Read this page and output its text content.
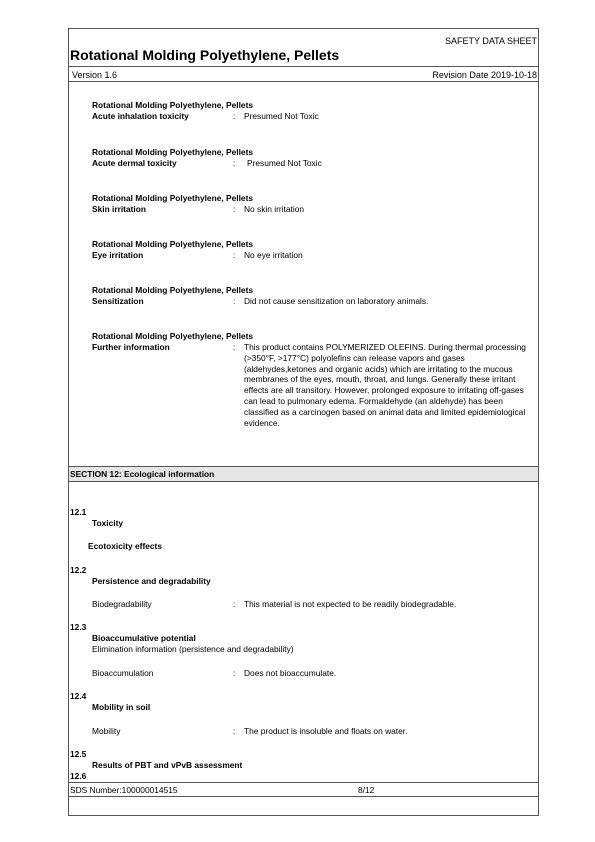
SAFETY DATA SHEET
Rotational Molding Polyethylene, Pellets
Version 1.6	Revision Date 2019-10-18
Rotational Molding Polyethylene, Pellets
Acute inhalation toxicity	: Presumed Not Toxic
Rotational Molding Polyethylene, Pellets
Acute dermal toxicity	: Presumed Not Toxic
Rotational Molding Polyethylene, Pellets
Skin irritation	: No skin irritation
Rotational Molding Polyethylene, Pellets
Eye irritation	: No eye irritation
Rotational Molding Polyethylene, Pellets
Sensitization	: Did not cause sensitization on laboratory animals.
Rotational Molding Polyethylene, Pellets
Further information	: This product contains POLYMERIZED OLEFINS. During thermal processing (>350°F, >177°C) polyolefins can release vapors and gases (aldehydes,ketones and organic acids) which are irritating to the mucous membranes of the eyes, mouth, throat, and lungs. Generally these irritant effects are all transitory. However, prolonged exposure to irritating off-gases can lead to pulmonary edema. Formaldehyde (an aldehyde) has been classified as a carcinogen based on animal data and limited epidemiological evidence.
SECTION 12: Ecological information
12.1
Toxicity
Ecotoxicity effects
12.2
Persistence and degradability
Biodegradability	: This material is not expected to be readily biodegradable.
12.3
Bioaccumulative potential
Elimination information (persistence and degradability)
Bioaccumulation	: Does not bioaccumulate.
12.4
Mobility in soil
Mobility	: The product is insoluble and floats on water.
12.5
Results of PBT and vPvB assessment
12.6
SDS Number:100000014515	8/12
